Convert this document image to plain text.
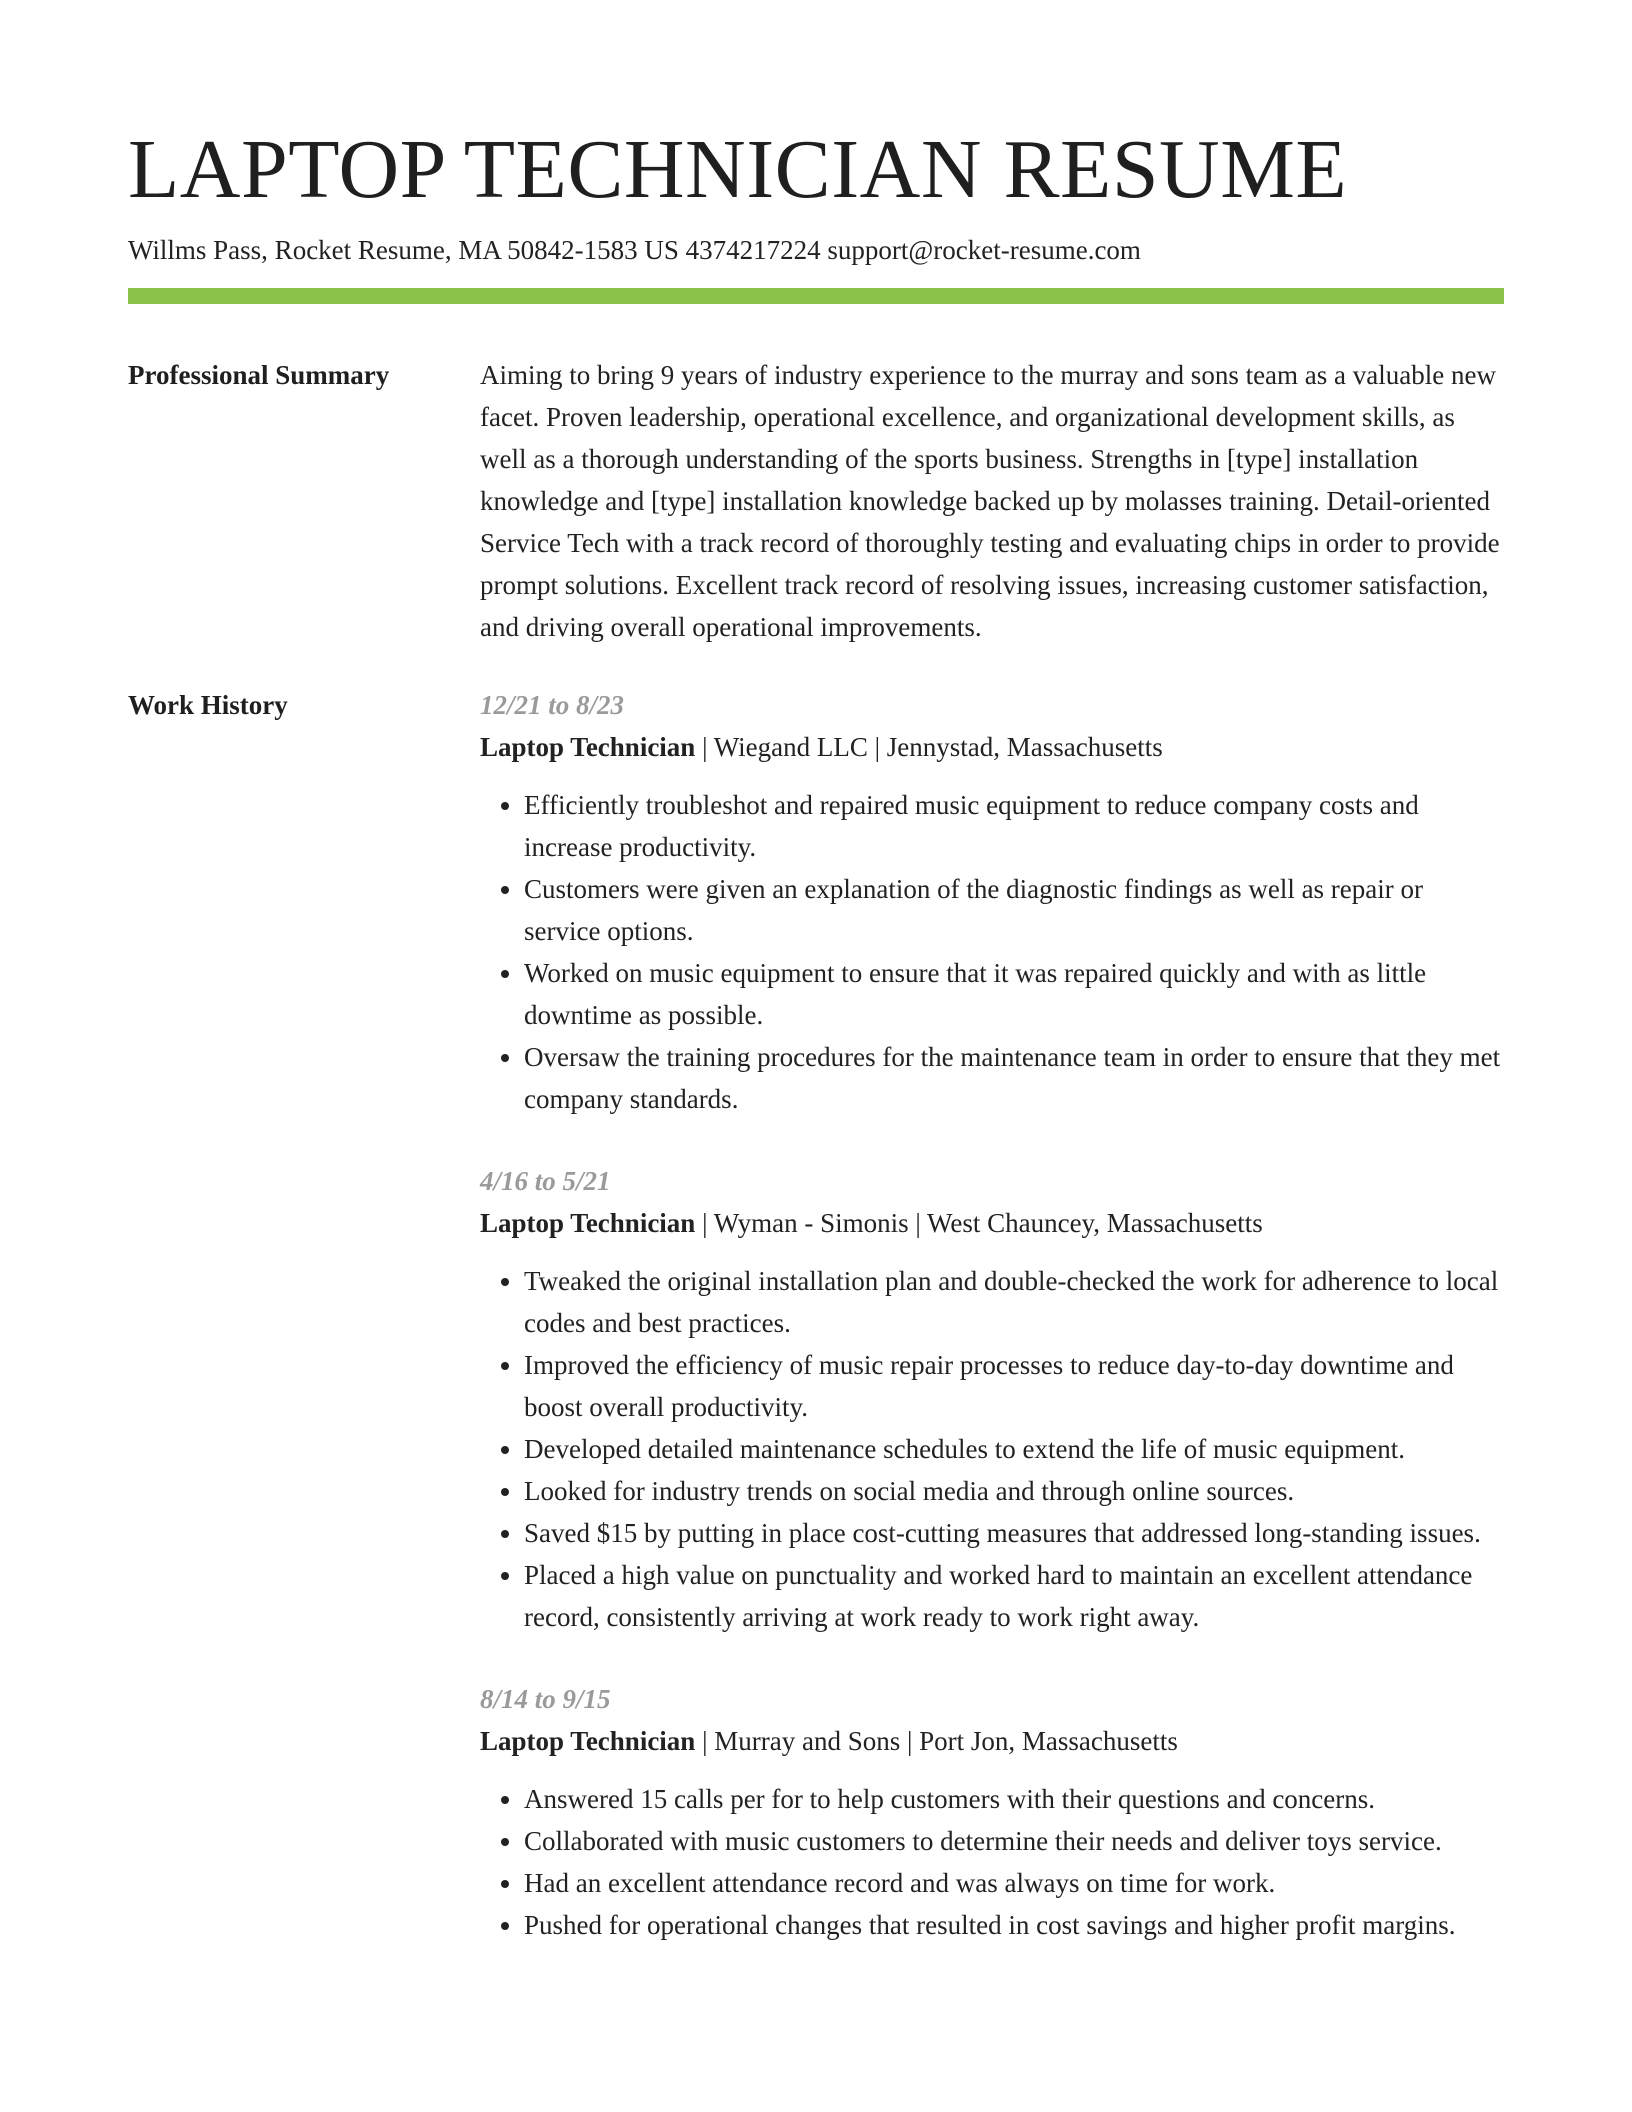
LAPTOP TECHNICIAN RESUME
Willms Pass, Rocket Resume, MA 50842-1583 US 4374217224 support@rocket-resume.com
Professional Summary	Aiming to bring 9 years of industry experience to the murray and sons team as a valuable new facet. Proven leadership, operational excellence, and organizational development skills, as well as a thorough understanding of the sports business. Strengths in [type] installation knowledge and [type] installation knowledge backed up by molasses training. Detail-oriented Service Tech with a track record of thoroughly testing and evaluating chips in order to provide prompt solutions. Excellent track record of resolving issues, increasing customer satisfaction, and driving overall operational improvements.

Work History	12/21 to 8/23
Laptop Technician | Wiegand LLC | Jennystad, Massachusetts
• Efficiently troubleshot and repaired music equipment to reduce company costs and increase productivity.
• Customers were given an explanation of the diagnostic findings as well as repair or service options.
• Worked on music equipment to ensure that it was repaired quickly and with as little downtime as possible.
• Oversaw the training procedures for the maintenance team in order to ensure that they met company standards.
4/16 to 5/21
Laptop Technician | Wyman - Simonis | West Chauncey, Massachusetts
• Tweaked the original installation plan and double-checked the work for adherence to local codes and best practices.
• Improved the efficiency of music repair processes to reduce day-to-day downtime and boost overall productivity.
• Developed detailed maintenance schedules to extend the life of music equipment.
• Looked for industry trends on social media and through online sources.
• Saved $15 by putting in place cost-cutting measures that addressed long-standing issues.
• Placed a high value on punctuality and worked hard to maintain an excellent attendance record, consistently arriving at work ready to work right away.
8/14 to 9/15
Laptop Technician | Murray and Sons | Port Jon, Massachusetts
• Answered 15 calls per for to help customers with their questions and concerns.
• Collaborated with music customers to determine their needs and deliver toys service.
• Had an excellent attendance record and was always on time for work.
• Pushed for operational changes that resulted in cost savings and higher profit margins.
